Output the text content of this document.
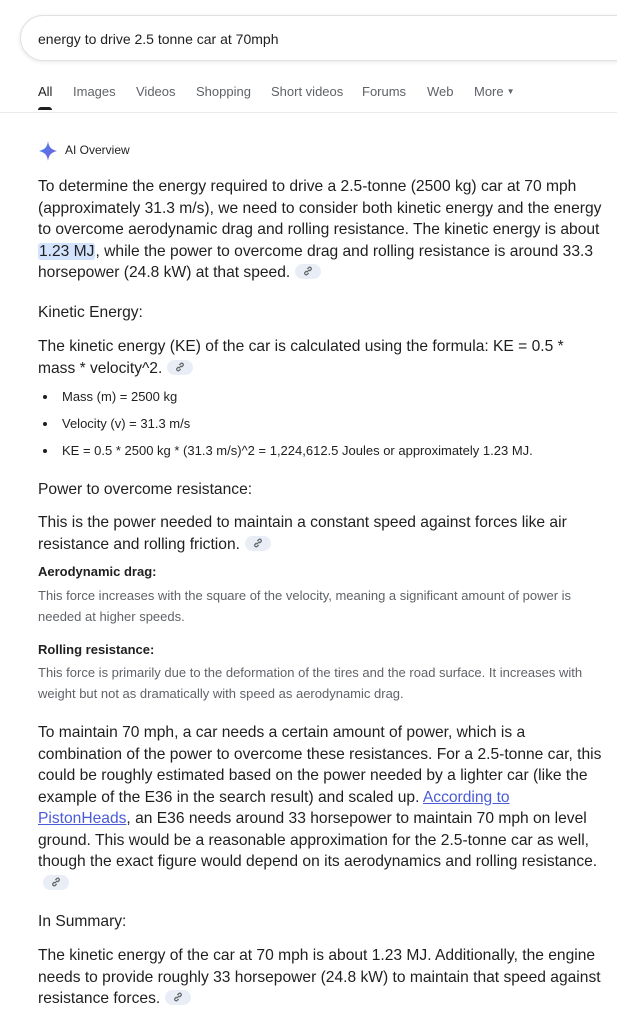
energy to drive 2.5 tonne car at 70mph
All Images Videos Shopping Short videos Forums Web More ▼
AI Overview

To determine the energy required to drive a 2.5-tonne (2500 kg) car at 70 mph (approximately 31.3 m/s), we need to consider both kinetic energy and the energy to overcome aerodynamic drag and rolling resistance. The kinetic energy is about 1.23 MJ, while the power to overcome drag and rolling resistance is around 33.3 horsepower (24.8 kW) at that speed.

Kinetic Energy:

The kinetic energy (KE) of the car is calculated using the formula: KE = 0.5 * mass * velocity^2.

Mass (m) = 2500 kg
Velocity (v) = 31.3 m/s
KE = 0.5 * 2500 kg * (31.3 m/s)^2 = 1,224,612.5 Joules or approximately 1.23 MJ.

Power to overcome resistance:

This is the power needed to maintain a constant speed against forces like air resistance and rolling friction.

Aerodynamic drag:

This force increases with the square of the velocity, meaning a significant amount of power is needed at higher speeds.

Rolling resistance:

This force is primarily due to the deformation of the tires and the road surface. It increases with weight but not as dramatically with speed as aerodynamic drag.

To maintain 70 mph, a car needs a certain amount of power, which is a combination of the power to overcome these resistances. For a 2.5-tonne car, this could be roughly estimated based on the power needed by a lighter car (like the example of the E36 in the search result) and scaled up. According to PistonHeads, an E36 needs around 33 horsepower to maintain 70 mph on level ground. This would be a reasonable approximation for the 2.5-tonne car as well, though the exact figure would depend on its aerodynamics and rolling resistance.

In Summary:

The kinetic energy of the car at 70 mph is about 1.23 MJ. Additionally, the engine needs to provide roughly 33 horsepower (24.8 kW) to maintain that speed against resistance forces.
